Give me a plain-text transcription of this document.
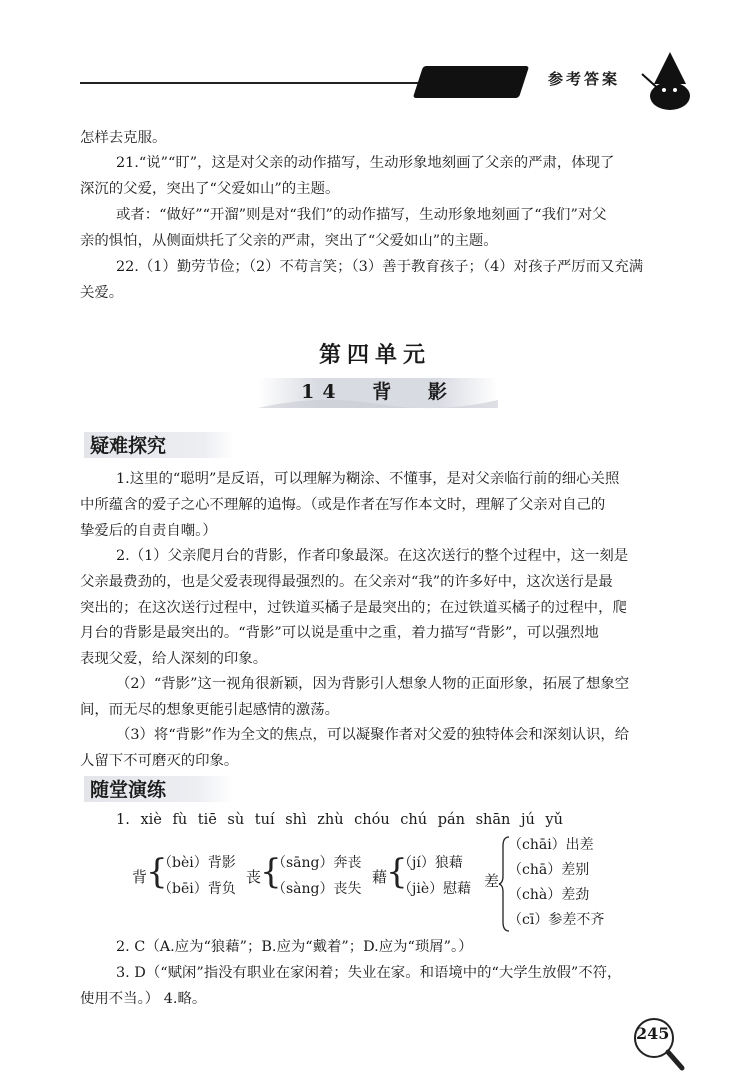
参考答案

怎样去克服。

21.“说”“盯”，这是对父亲的动作描写，生动形象地刻画了父亲的严肃，体现了

深沉的父爱，突出了“父爱如山”的主题。

或者：“做好”“开溜”则是对“我们”的动作描写，生动形象地刻画了“我们”对父

亲的惧怕，从侧面烘托了父亲的严肃，突出了“父爱如山”的主题。

22.（1）勤劳节俭；（2）不苟言笑；（3）善于教育孩子；（4）对孩子严厉而又充满

关爱。

第四单元
14 背 影
疑难探究

1.这里的“聪明”是反语，可以理解为糊涂、不懂事，是对父亲临行前的细心关照

中所蕴含的爱子之心不理解的追悔。（或是作者在写作本文时，理解了父亲对自己的

挚爱后的自责自嘲。）

2.（1）父亲爬月台的背影，作者印象最深。在这次送行的整个过程中，这一刻是

父亲最费劲的，也是父爱表现得最强烈的。在父亲对“我”的许多好中，这次送行是最

突出的；在这次送行过程中，过铁道买橘子是最突出的；在过铁道买橘子的过程中，爬

月台的背影是最突出的。“背影”可以说是重中之重，着力描写“背影”，可以强烈地

表现父爱，给人深刻的印象。

（2）“背影”这一视角很新颖，因为背影引人想象人物的正面形象，拓展了想象空

间，而无尽的想象更能引起感情的激荡。

（3）将“背影”作为全文的焦点，可以凝聚作者对父爱的独特体会和深刻认识，给

人留下不可磨灭的印象。

随堂演练
1. xiè fù tiē sù tuí shì zhù chóu chú pán shān jú yǔ
背
{
（bèi）背影
（bēi）背负
丧
{
（sāng）奔丧
（sàng）丧失
藉
{
（jí）狼藉
（jiè）慰藉 差
（chāi）出差
（chā）差别
（chà）差劲
（cī）参差不齐

2. C（A.应为“狼藉”；B.应为“戴着”；D.应为“琐屑”。）

3. D（“赋闲”指没有职业在家闲着；失业在家。和语境中的“大学生放假”不符，

使用不当。） 4.略。

245
